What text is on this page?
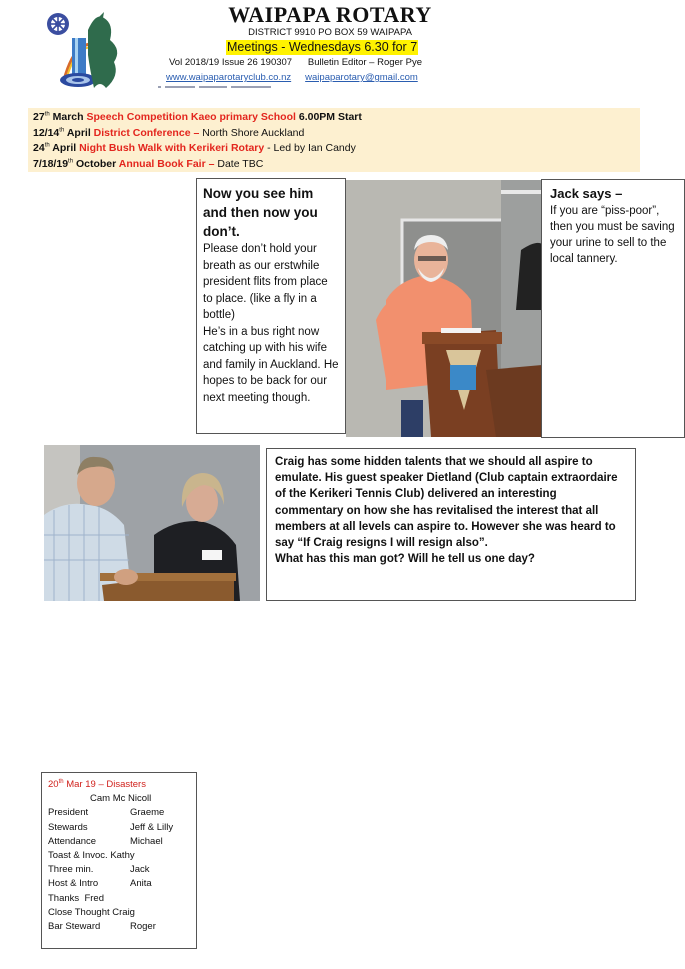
WAIPAPA ROTARY
DISTRICT 9910 PO BOX 59 WAIPAPA
Meetings - Wednesdays 6.30 for 7
Vol 2018/19 Issue 26 190307 Bulletin Editor – Roger Pye
www.waipaparotaryclub.co.nz waipaparotary@gmail.com
27th March Speech Competition Kaeo primary School 6.00PM Start
12/14th April District Conference – North Shore Auckland
24th April Night Bush Walk with Kerikeri Rotary - Led by Ian Candy
7/18/19th October Annual Book Fair – Date TBC
Now you see him and then now you don’t.
Please don’t hold your breath as our erstwhile president flits from place to place. (like a fly in a bottle)
He’s in a bus right now catching up with his wife and family in Auckland. He hopes to be back for our next meeting though.
Jack says –
If you are “piss-poor”, then you must be saving your urine to sell to the local tannery.
Craig has some hidden talents that we should all aspire to emulate. His guest speaker Dietland (Club captain extraordaire of the Kerikeri Tennis Club) delivered an interesting commentary on how she has revitalised the interest that all members at all levels can aspire to. However she was heard to say “If Craig resigns I will resign also”.
What has this man got? Will he tell us one day?
20th Mar 19 – Disasters
Cam Mc Nicoll
President	Graeme
Stewards	Jeff & Lilly
Attendance	Michael
Toast & Invoc. Kathy
Three min.	Jack
Host & Intro	Anita
Thanks  Fred
Close Thought Craig
Bar Steward	Roger
